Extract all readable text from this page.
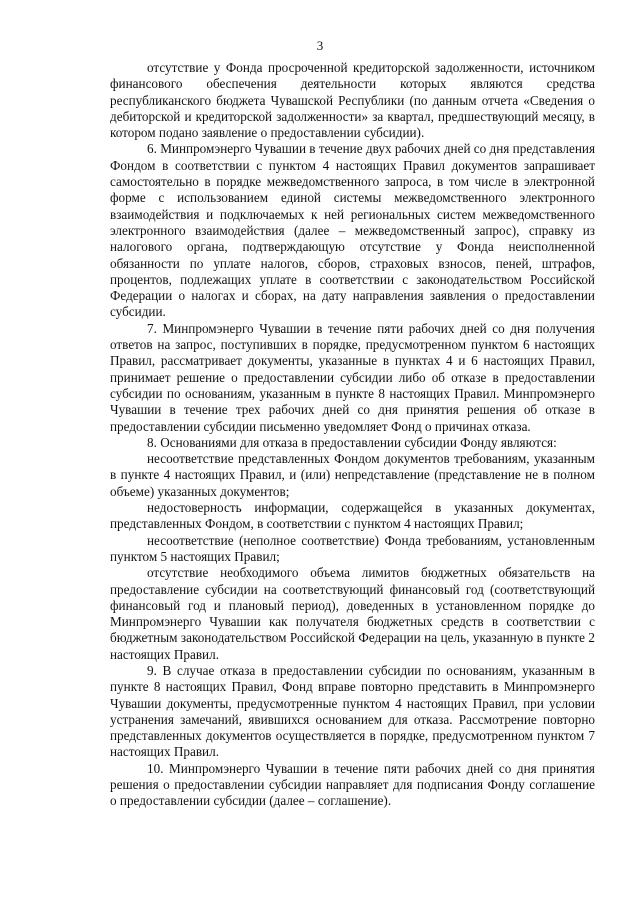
3

отсутствие у Фонда просроченной кредиторской задолженности, источником финансового обеспечения деятельности которых являются средства республиканского бюджета Чувашской Республики (по данным отчета «Сведения о дебиторской и кредиторской задолженности» за квартал, предшествующий месяцу, в котором подано заявление о предоставлении субсидии).

6. Минпромэнерго Чувашии в течение двух рабочих дней со дня представления Фондом в соответствии с пунктом 4 настоящих Правил документов запрашивает самостоятельно в порядке межведомственного запроса, в том числе в электронной форме с использованием единой системы межведомственного электронного взаимодействия и подключаемых к ней региональных систем межведомственного электронного взаимодействия (далее – межведомственный запрос), справку из налогового органа, подтверждающую отсутствие у Фонда неисполненной обязанности по уплате налогов, сборов, страховых взносов, пеней, штрафов, процентов, подлежащих уплате в соответствии с законодательством Российской Федерации о налогах и сборах, на дату направления заявления о предоставлении субсидии.

7. Минпромэнерго Чувашии в течение пяти рабочих дней со дня получения ответов на запрос, поступивших в порядке, предусмотренном пунктом 6 настоящих Правил, рассматривает документы, указанные в пунктах 4 и 6 настоящих Правил, принимает решение о предоставлении субсидии либо об отказе в предоставлении субсидии по основаниям, указанным в пункте 8 настоящих Правил. Минпромэнерго Чувашии в течение трех рабочих дней со дня принятия решения об отказе в предоставлении субсидии письменно уведомляет Фонд о причинах отказа.

8. Основаниями для отказа в предоставлении субсидии Фонду являются:

несоответствие представленных Фондом документов требованиям, указанным в пункте 4 настоящих Правил, и (или) непредставление (представление не в полном объеме) указанных документов;

недостоверность информации, содержащейся в указанных документах, представленных Фондом, в соответствии с пунктом 4 настоящих Правил;

несоответствие (неполное соответствие) Фонда требованиям, установленным пунктом 5 настоящих Правил;

отсутствие необходимого объема лимитов бюджетных обязательств на предоставление субсидии на соответствующий финансовый год (соответствующий финансовый год и плановый период), доведенных в установленном порядке до Минпромэнерго Чувашии как получателя бюджетных средств в соответствии с бюджетным законодательством Российской Федерации на цель, указанную в пункте 2 настоящих Правил.

9. В случае отказа в предоставлении субсидии по основаниям, указанным в пункте 8 настоящих Правил, Фонд вправе повторно представить в Минпромэнерго Чувашии документы, предусмотренные пунктом 4 настоящих Правил, при условии устранения замечаний, явившихся основанием для отказа. Рассмотрение повторно представленных документов осуществляется в порядке, предусмотренном пунктом 7 настоящих Правил.

10. Минпромэнерго Чувашии в течение пяти рабочих дней со дня принятия решения о предоставлении субсидии направляет для подписания Фонду соглашение о предоставлении субсидии (далее – соглашение).
